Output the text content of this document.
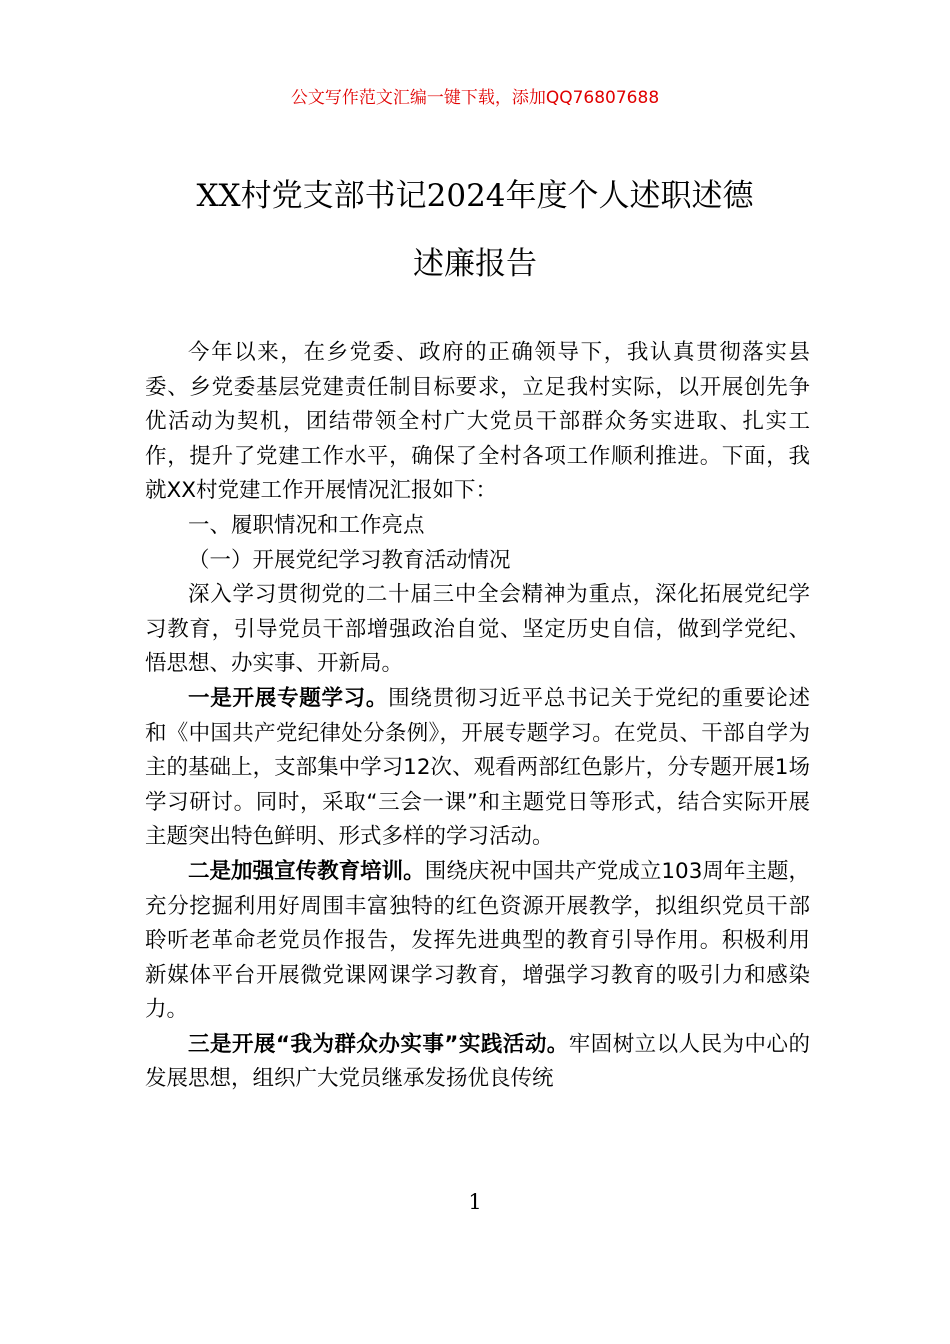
公文写作范文汇编一键下载，添加QQ76807688
XX村党支部书记2024年度个人述职述德
述廉报告

今年以来，在乡党委、政府的正确领导下，我认真贯彻落实县委、乡党委基层党建责任制目标要求，立足我村实际，以开展创先争优活动为契机，团结带领全村广大党员干部群众务实进取、扎实工作，提升了党建工作水平，确保了全村各项工作顺利推进。下面，我就XX村党建工作开展情况汇报如下：

一、履职情况和工作亮点

（一）开展党纪学习教育活动情况

深入学习贯彻党的二十届三中全会精神为重点，深化拓展党纪学习教育，引导党员干部增强政治自觉、坚定历史自信，做到学党纪、悟思想、办实事、开新局。

一是开展专题学习。围绕贯彻习近平总书记关于党纪的重要论述和《中国共产党纪律处分条例》，开展专题学习。在党员、干部自学为主的基础上，支部集中学习12次、观看两部红色影片，分专题开展1场学习研讨。同时，采取“三会一课”和主题党日等形式，结合实际开展主题突出特色鲜明、形式多样的学习活动。

二是加强宣传教育培训。围绕庆祝中国共产党成立103周年主题，充分挖掘利用好周围丰富独特的红色资源开展教学，拟组织党员干部聆听老革命老党员作报告，发挥先进典型的教育引导作用。积极利用新媒体平台开展微党课网课学习教育，增强学习教育的吸引力和感染力。

三是开展“我为群众办实事”实践活动。牢固树立以人民为中心的发展思想，组织广大党员继承发扬优良传统

1
